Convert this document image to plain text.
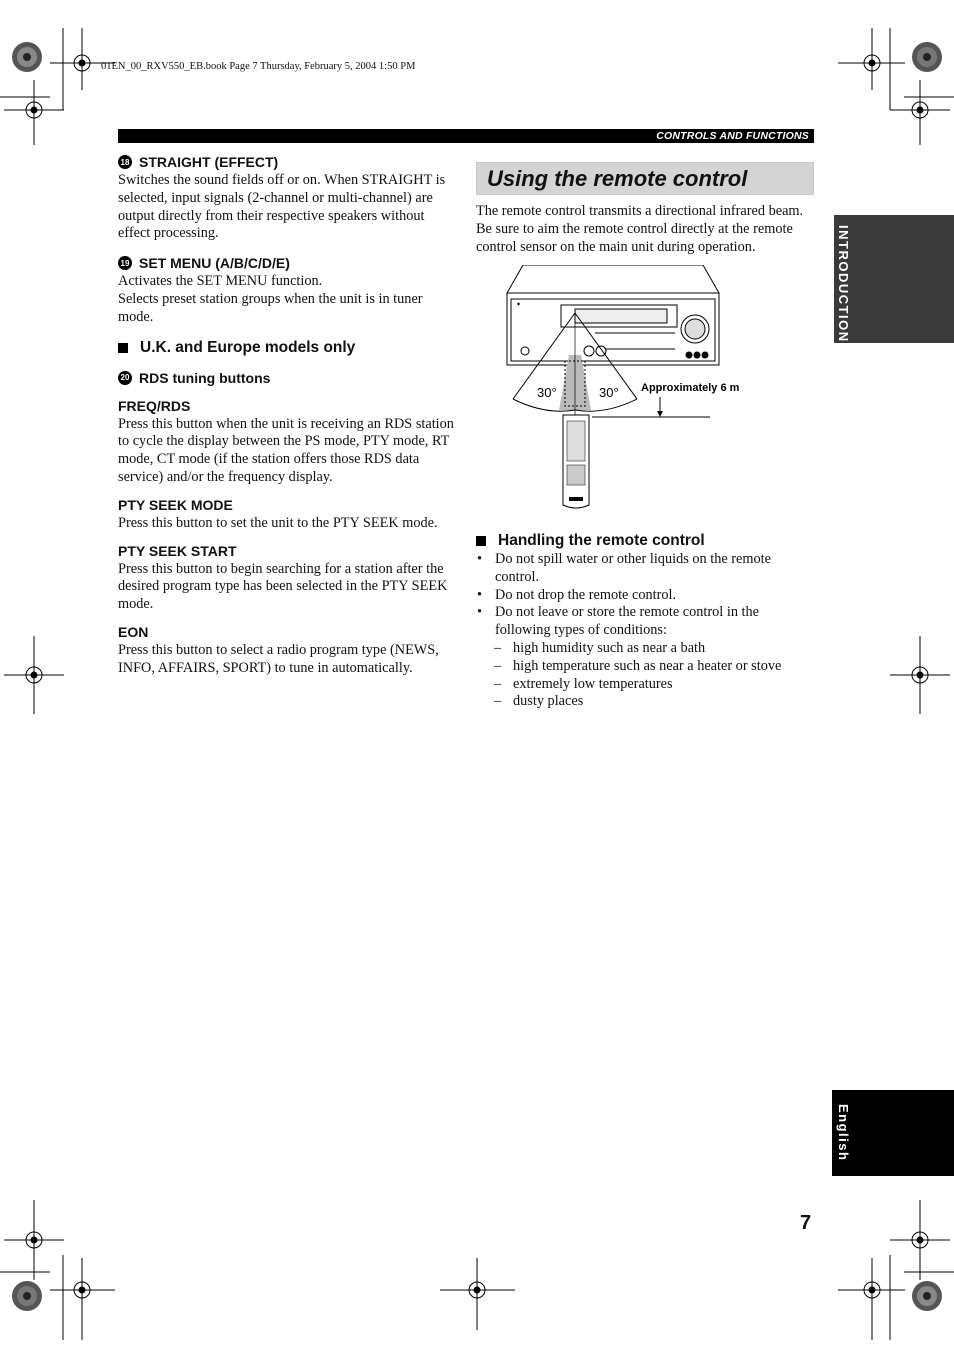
01EN_00_RXV550_EB.book Page 7 Thursday, February 5, 2004 1:50 PM
CONTROLS AND FUNCTIONS
18 STRAIGHT (EFFECT)

Switches the sound fields off or on. When STRAIGHT is selected, input signals (2-channel or multi-channel) are output directly from their respective speakers without effect processing.

19 SET MENU (A/B/C/D/E)

Activates the SET MENU function.

Selects preset station groups when the unit is in tuner mode.

U.K. and Europe models only
20 RDS tuning buttons

FREQ/RDS

Press this button when the unit is receiving an RDS station to cycle the display between the PS mode, PTY mode, RT mode, CT mode (if the station offers those RDS data service) and/or the frequency display.

PTY SEEK MODE

Press this button to set the unit to the PTY SEEK mode.

PTY SEEK START

Press this button to begin searching for a station after the desired program type has been selected in the PTY SEEK mode.

EON

Press this button to select a radio program type (NEWS, INFO, AFFAIRS, SPORT) to tune in automatically.

Using the remote control

The remote control transmits a directional infrared beam. Be sure to aim the remote control directly at the remote control sensor on the main unit during operation.

◆
30°	30° Approximately 6 m
Handling the remote control
• Do not spill water or other liquids on the remote control.
• Do not drop the remote control.
• Do not leave or store the remote control in the following types of conditions:
– high humidity such as near a bath
– high temperature such as near a heater or stove
– extremely low temperatures
– dusty places
INTRODUCTION
English
7
